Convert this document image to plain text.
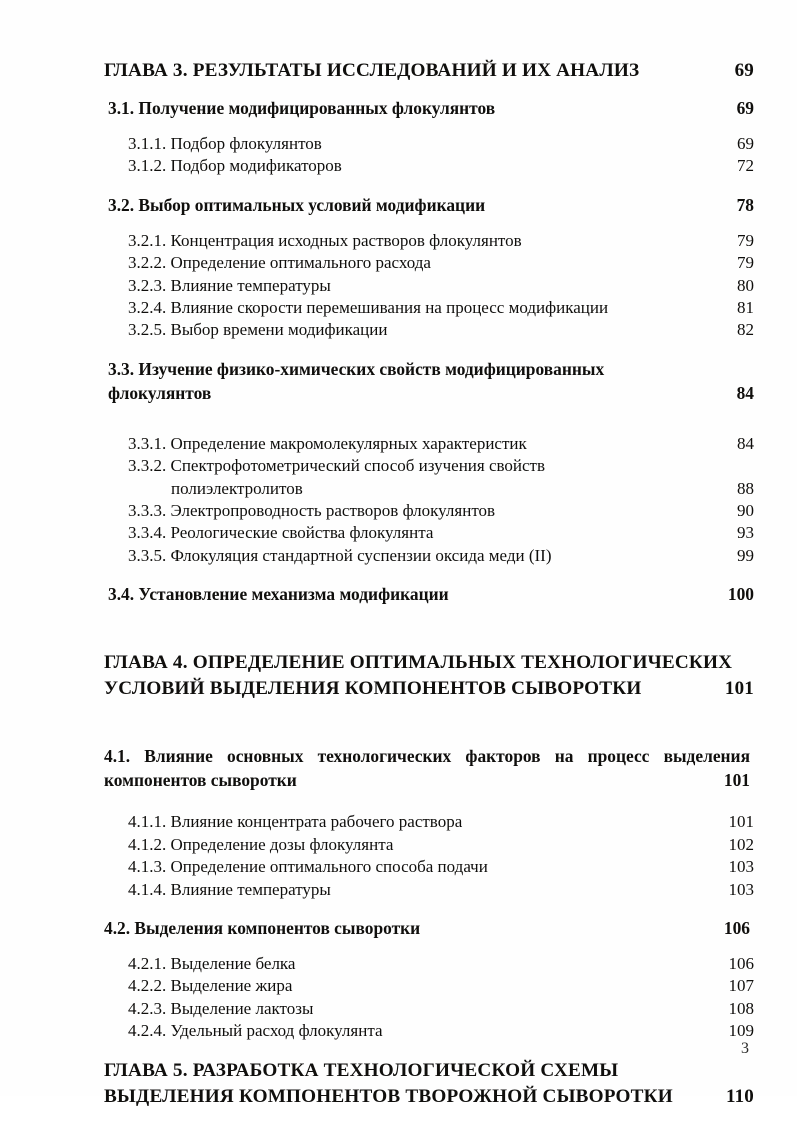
ГЛАВА 3. РЕЗУЛЬТАТЫ ИССЛЕДОВАНИЙ И ИХ АНАЛИЗ	69
3.1. Получение модифицированных флокулянтов	69
3.1.1. Подбор флокулянтов	69
3.1.2. Подбор модификаторов	72
3.2. Выбор оптимальных условий модификации	78
3.2.1. Концентрация исходных растворов флокулянтов	79
3.2.2. Определение оптимального расхода	79
3.2.3. Влияние температуры	80
3.2.4. Влияние скорости перемешивания на процесс модификации	81
3.2.5. Выбор времени модификации	82
3.3. Изучение физико-химических свойств модифицированных
флокулянтов	84
3.3.1. Определение макромолекулярных характеристик	84
3.3.2. Спектрофотометрический способ изучения свойств
полиэлектролитов	88
3.3.3. Электропроводность растворов флокулянтов	90
3.3.4. Реологические свойства флокулянта	93
3.3.5. Флокуляция стандартной суспензии оксида меди (II)	99
3.4. Установление механизма модификации	100
ГЛАВА 4. ОПРЕДЕЛЕНИЕ ОПТИМАЛЬНЫХ ТЕХНОЛОГИЧЕСКИХ
УСЛОВИЙ ВЫДЕЛЕНИЯ КОМПОНЕНТОВ СЫВОРОТКИ	101
4.1. Влияние основных технологических факторов на процесс выделения
компонентов сыворотки	101
4.1.1. Влияние концентрата рабочего раствора	101
4.1.2. Определение дозы флокулянта	102
4.1.3. Определение оптимального способа подачи	103
4.1.4. Влияние температуры	103
4.2. Выделения компонентов сыворотки	106
4.2.1. Выделение белка	106
4.2.2. Выделение жира	107
4.2.3. Выделение лактозы	108
4.2.4. Удельный расход флокулянта	109
ГЛАВА 5. РАЗРАБОТКА ТЕХНОЛОГИЧЕСКОЙ СХЕМЫ
ВЫДЕЛЕНИЯ КОМПОНЕНТОВ ТВОРОЖНОЙ СЫВОРОТКИ	110
3
